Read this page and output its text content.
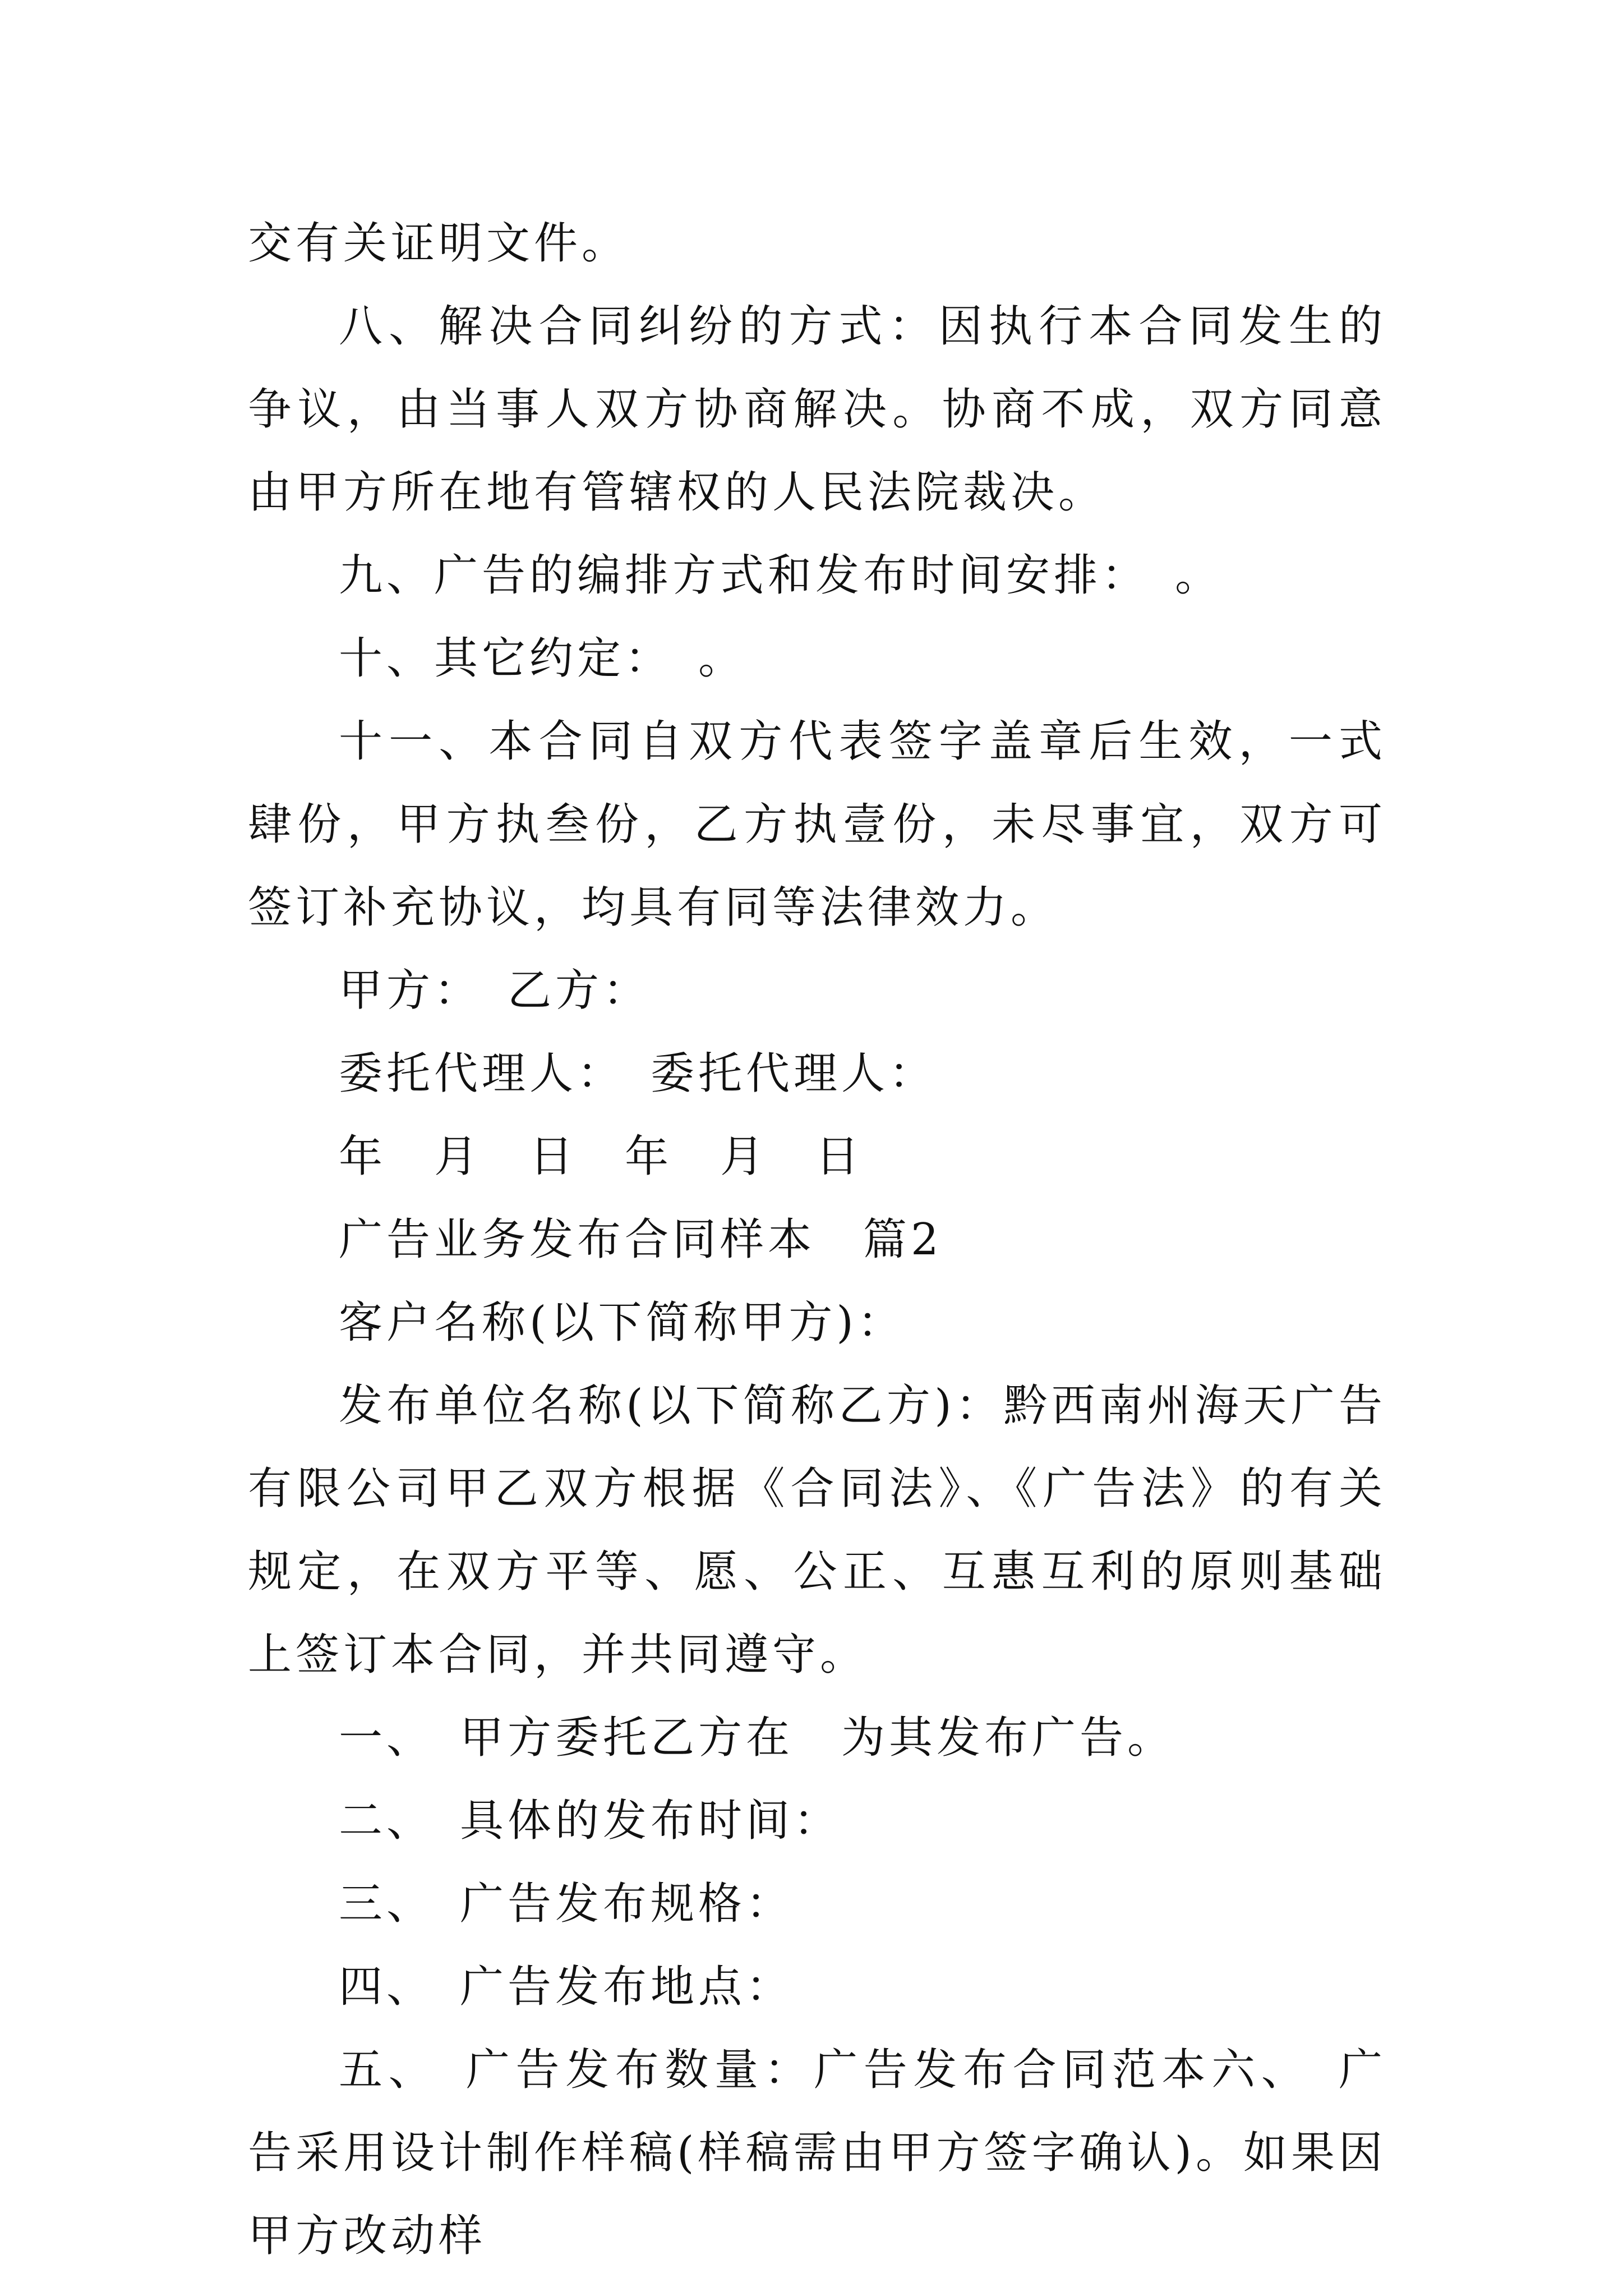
交有关证明文件。

八、解决合同纠纷的方式：因执行本合同发生的争议，由当事人双方协商解决。协商不成，双方同意由甲方所在地有管辖权的人民法院裁决。

九、广告的编排方式和发布时间安排：　。

十、其它约定：　。

十一、本合同自双方代表签字盖章后生效，一式肆份，甲方执叁份，乙方执壹份，未尽事宜，双方可签订补充协议，均具有同等法律效力。

甲方：　乙方：

委托代理人：　委托代理人：

年　月　日　年　月　日

广告业务发布合同样本　篇2

客户名称(以下简称甲方)：

发布单位名称(以下简称乙方)：黔西南州海天广告有限公司甲乙双方根据《合同法》、《广告法》的有关规定，在双方平等、愿、公正、互惠互利的原则基础上签订本合同，并共同遵守。

一、　甲方委托乙方在　为其发布广告。

二、　具体的发布时间：

三、　广告发布规格：

四、　广告发布地点：

五、　广告发布数量：广告发布合同范本六、　广告采用设计制作样稿(样稿需由甲方签字确认)。如果因甲方改动样
